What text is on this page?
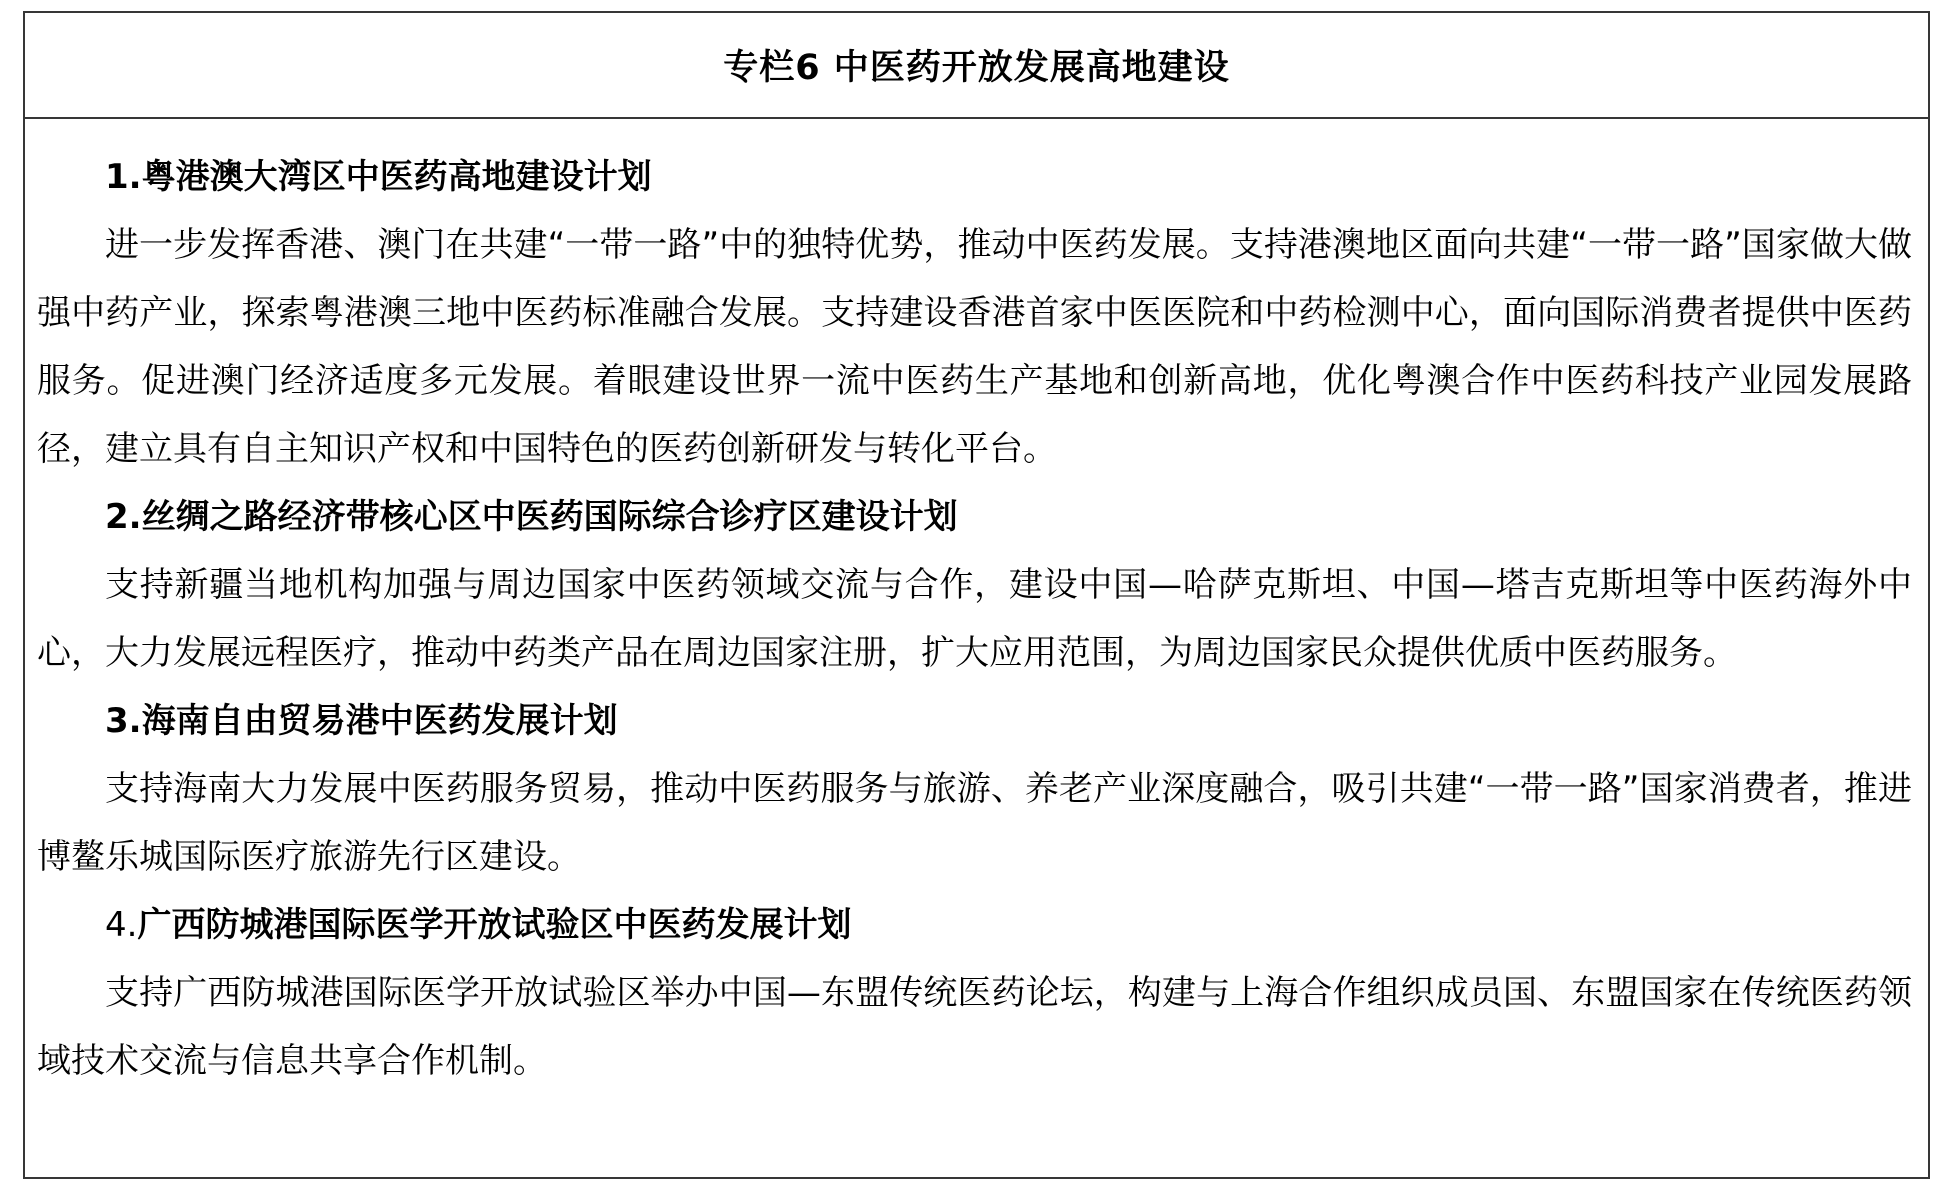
专栏6 中医药开放发展高地建设
1.粤港澳大湾区中医药高地建设计划

进一步发挥香港、澳门在共建“一带一路”中的独特优势，推动中医药发展。支持港澳地区面向共建“一带一路”国家做大做强中药产业，探索粤港澳三地中医药标准融合发展。支持建设香港首家中医医院和中药检测中心，面向国际消费者提供中医药服务。促进澳门经济适度多元发展。着眼建设世界一流中医药生产基地和创新高地，优化粤澳合作中医药科技产业园发展路径，建立具有自主知识产权和中国特色的医药创新研发与转化平台。

2.丝绸之路经济带核心区中医药国际综合诊疗区建设计划

支持新疆当地机构加强与周边国家中医药领域交流与合作，建设中国—哈萨克斯坦、中国—塔吉克斯坦等中医药海外中心，大力发展远程医疗，推动中药类产品在周边国家注册，扩大应用范围，为周边国家民众提供优质中医药服务。

3.海南自由贸易港中医药发展计划

支持海南大力发展中医药服务贸易，推动中医药服务与旅游、养老产业深度融合，吸引共建“一带一路”国家消费者，推进博鳌乐城国际医疗旅游先行区建设。

4.广西防城港国际医学开放试验区中医药发展计划

支持广西防城港国际医学开放试验区举办中国—东盟传统医药论坛，构建与上海合作组织成员国、东盟国家在传统医药领域技术交流与信息共享合作机制。
